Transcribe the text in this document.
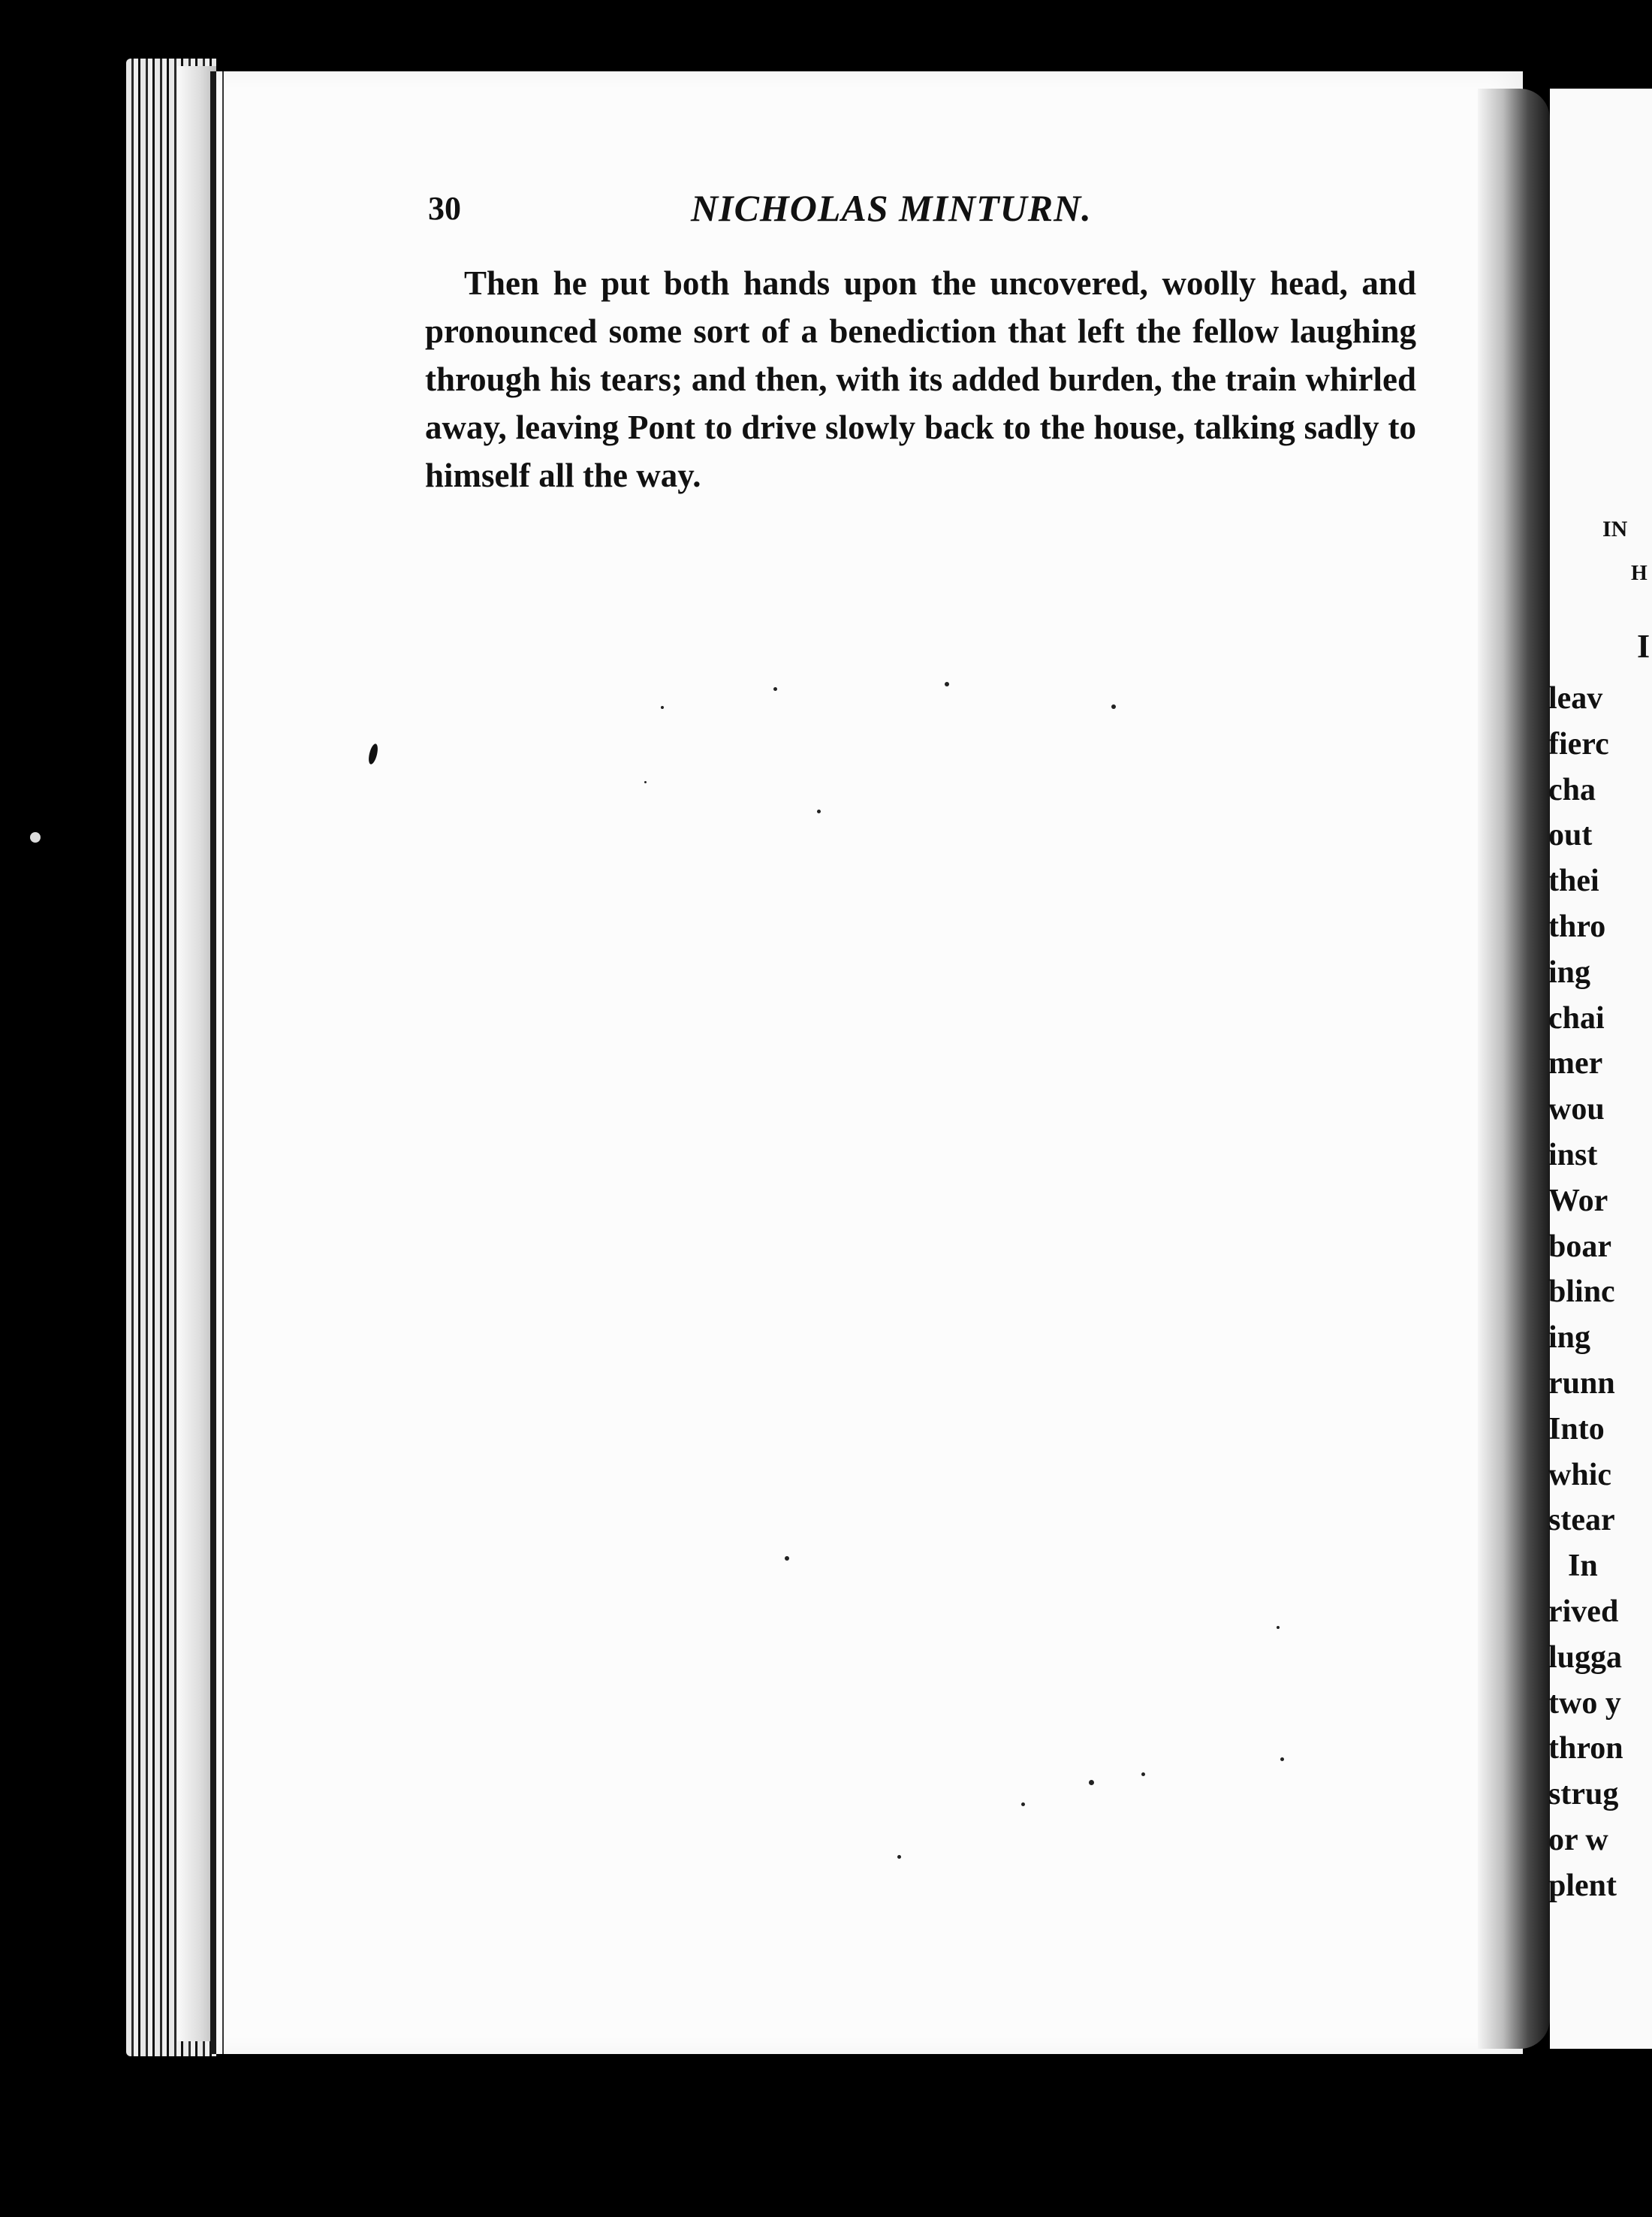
30	NICHOLAS MINTURN.

Then he put both hands upon the uncovered, woolly head, and pronounced some sort of a benediction that left the fellow laughing through his tears; and then, with its added burden, the train whirled away, leaving Pont to drive slowly back to the house, talking sadly to himself all the way.

IN
H
I
leav
fierc
cha
out
thei
thro
ing
chai
mer
wou
inst
Wor
boar
blinc
ing
runn
Into
whic
stear
In
rived
lugga
two y
thron
strug
or w
plent
